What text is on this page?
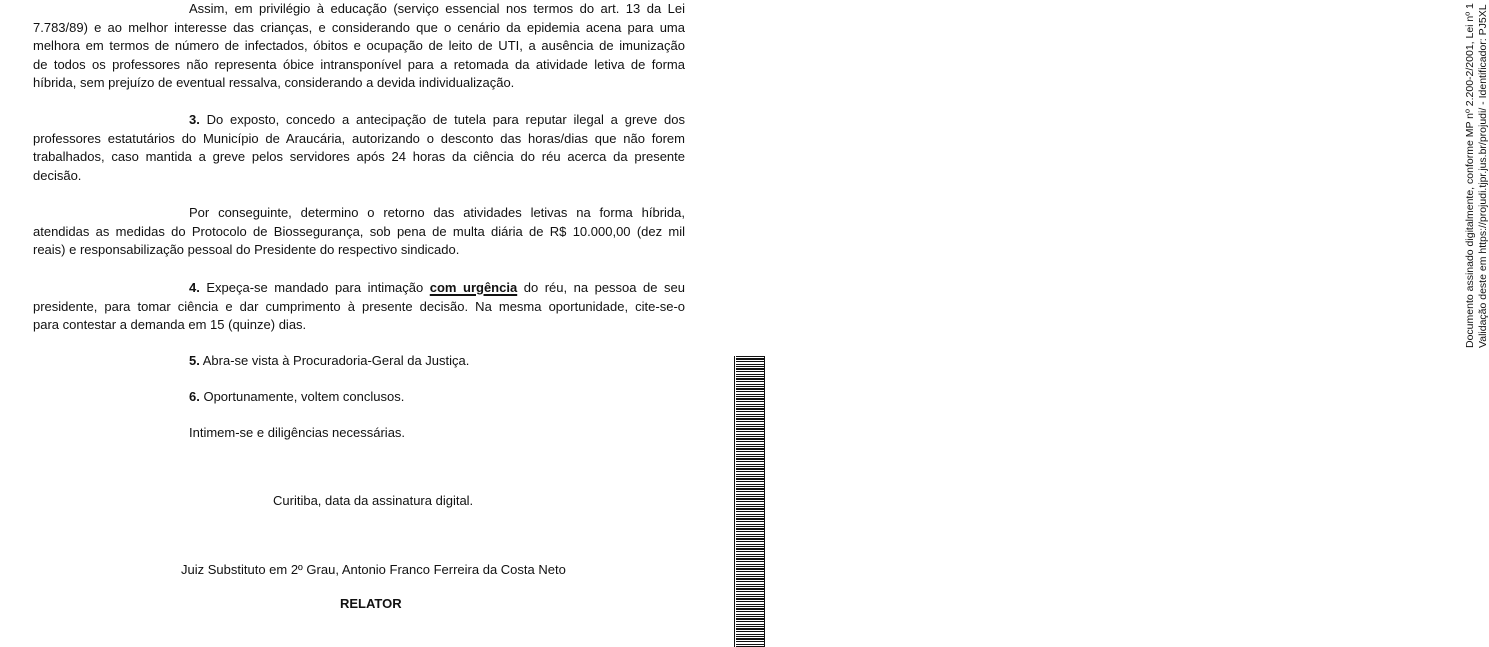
Assim, em privilégio à educação (serviço essencial nos termos do art. 13 da Lei
7.783/89) e ao melhor interesse das crianças, e considerando que o cenário da epidemia acena para uma
melhora em termos de número de infectados, óbitos e ocupação de leito de UTI, a ausência de imunização
de todos os professores não representa óbice intransponível para a retomada da atividade letiva de forma
híbrida, sem prejuízo de eventual ressalva, considerando a devida individualização.
3. Do exposto, concedo a antecipação de tutela para reputar ilegal a greve dos
professores estatutários do Município de Araucária, autorizando o desconto das horas/dias que não forem
trabalhados, caso mantida a greve pelos servidores após 24 horas da ciência do réu acerca da presente
decisão.
Por conseguinte, determino o retorno das atividades letivas na forma híbrida,
atendidas as medidas do Protocolo de Biossegurança, sob pena de multa diária de R$ 10.000,00 (dez mil
reais) e responsabilização pessoal do Presidente do respectivo sindicado.
4. Expeça-se mandado para intimação com urgência do réu, na pessoa de seu
presidente, para tomar ciência e dar cumprimento à presente decisão. Na mesma oportunidade, cite-se-o
para contestar a demanda em 15 (quinze) dias.
5. Abra-se vista à Procuradoria-Geral da Justiça.
6. Oportunamente, voltem conclusos.
Intimem-se e diligências necessárias.
Curitiba, data da assinatura digital.
Juiz Substituto em 2º Grau, Antonio Franco Ferreira da Costa Neto
RELATOR
Documento assinado digitalmente, conforme MP nº 2.200-2/2001, Lei nº 1 Validação deste em https://projudi.tjpr.jus.br/projudi/ - Identificador: PJ5XL
